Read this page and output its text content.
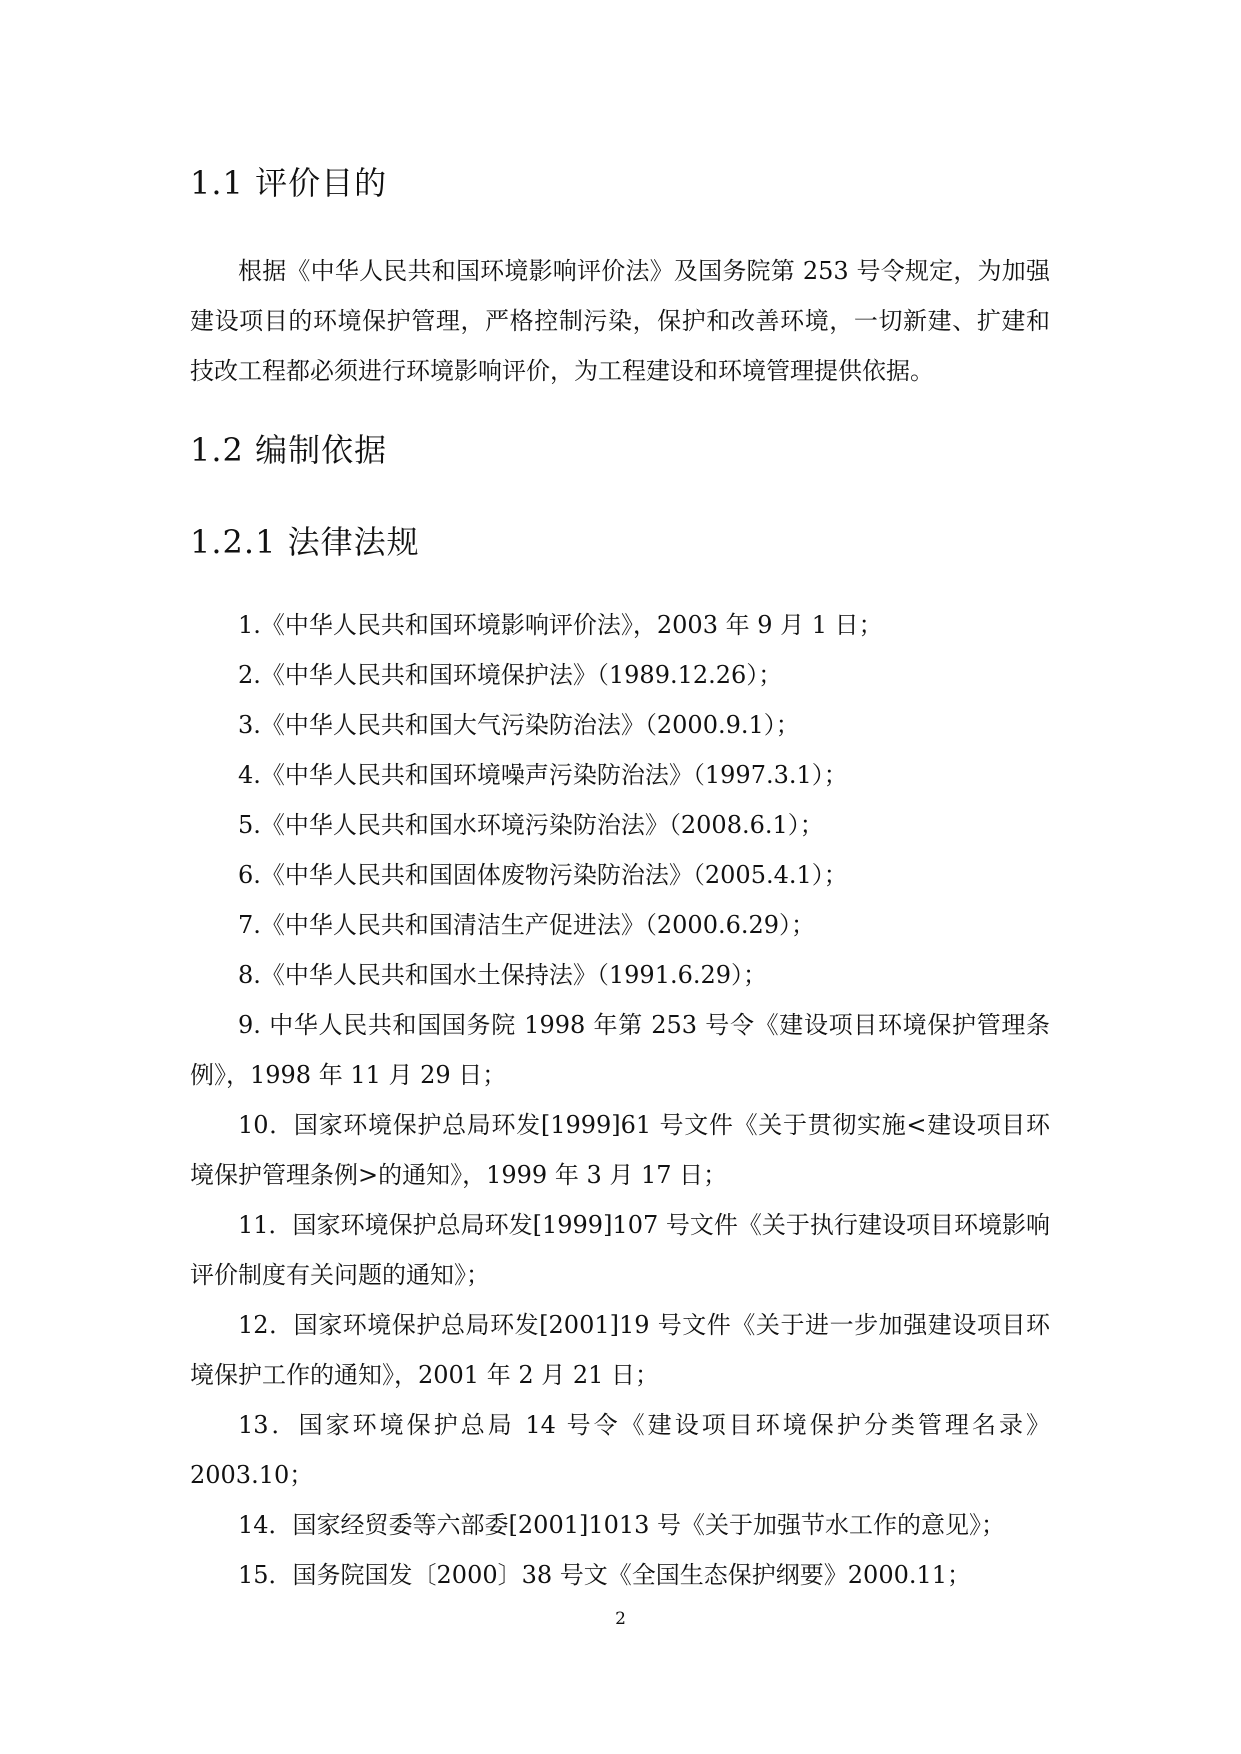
1.1 评价目的

根据《中华人民共和国环境影响评价法》及国务院第 253 号令规定，为加强建设项目的环境保护管理，严格控制污染，保护和改善环境，一切新建、扩建和技改工程都必须进行环境影响评价，为工程建设和环境管理提供依据。

1.2 编制依据
1.2.1 法律法规
1.《中华人民共和国环境影响评价法》，2003 年 9 月 1 日；
2.《中华人民共和国环境保护法》（1989.12.26）；
3.《中华人民共和国大气污染防治法》（2000.9.1）；
4.《中华人民共和国环境噪声污染防治法》（1997.3.1）；
5.《中华人民共和国水环境污染防治法》（2008.6.1）；
6.《中华人民共和国固体废物污染防治法》（2005.4.1）；
7.《中华人民共和国清洁生产促进法》（2000.6.29）；
8.《中华人民共和国水土保持法》（1991.6.29）；
9. 中华人民共和国国务院 1998 年第 253 号令《建设项目环境保护管理条例》，1998 年 11 月 29 日；
10．国家环境保护总局环发[1999]61 号文件《关于贯彻实施<建设项目环境保护管理条例>的通知》，1999 年 3 月 17 日；
11．国家环境保护总局环发[1999]107 号文件《关于执行建设项目环境影响评价制度有关问题的通知》；
12．国家环境保护总局环发[2001]19 号文件《关于进一步加强建设项目环境保护工作的通知》，2001 年 2 月 21 日；
13．国家环境保护总局 14 号令《建设项目环境保护分类管理名录》2003.10；
14．国家经贸委等六部委[2001]1013 号《关于加强节水工作的意见》；
15．国务院国发〔2000〕38 号文《全国生态保护纲要》2000.11；
2
